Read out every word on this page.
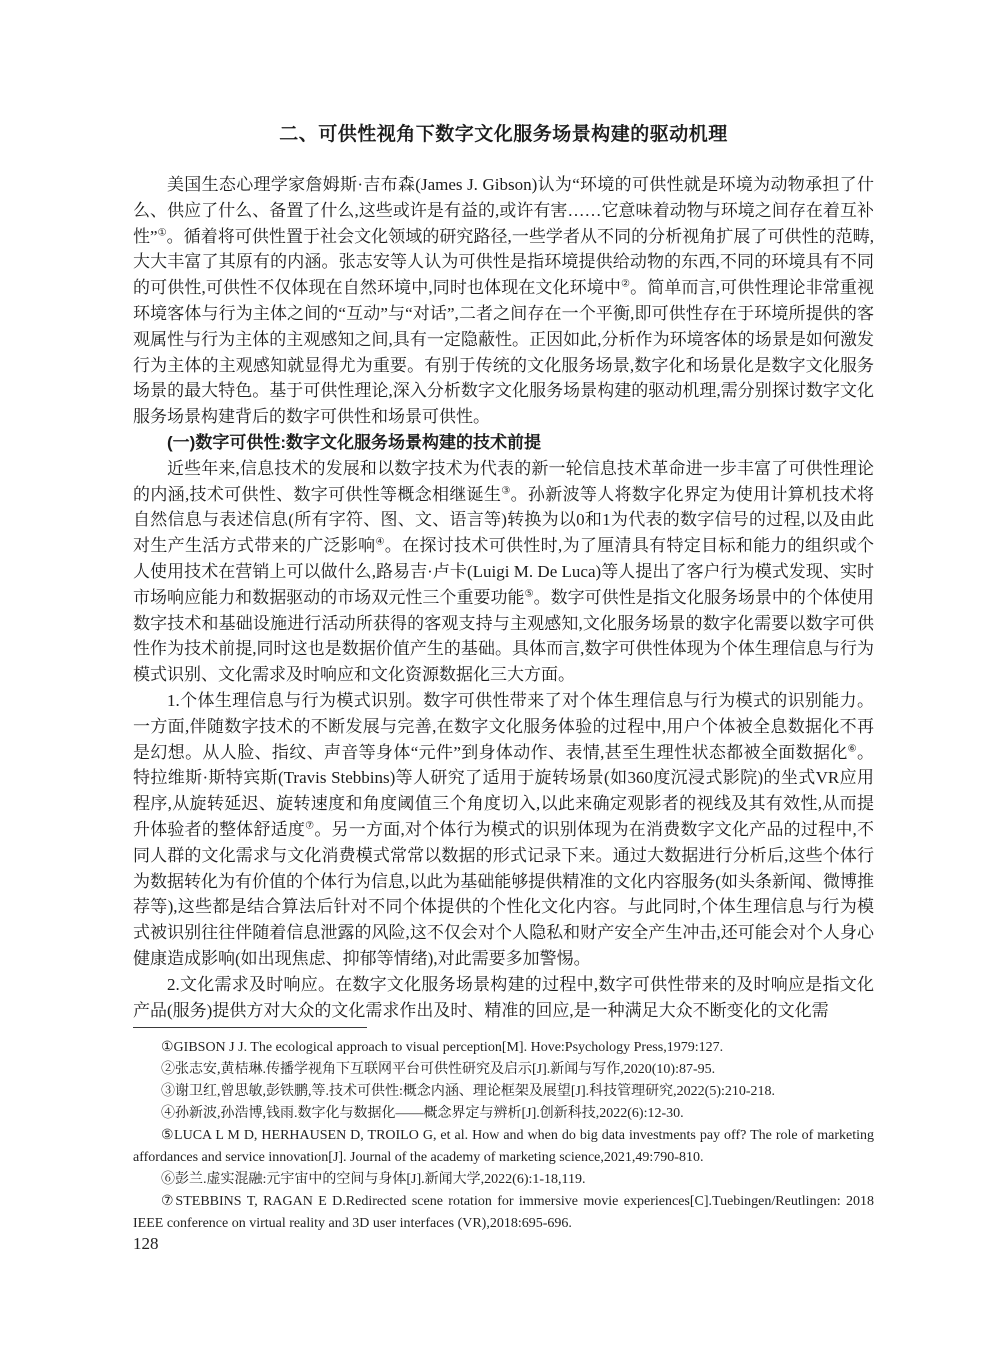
二、可供性视角下数字文化服务场景构建的驱动机理

美国生态心理学家詹姆斯·吉布森(James J. Gibson)认为“环境的可供性就是环境为动物承担了什么、供应了什么、备置了什么,这些或许是有益的,或许有害……它意味着动物与环境之间存在着互补性”①。循着将可供性置于社会文化领域的研究路径,一些学者从不同的分析视角扩展了可供性的范畴,大大丰富了其原有的内涵。张志安等人认为可供性是指环境提供给动物的东西,不同的环境具有不同的可供性,可供性不仅体现在自然环境中,同时也体现在文化环境中②。简单而言,可供性理论非常重视环境客体与行为主体之间的“互动”与“对话”,二者之间存在一个平衡,即可供性存在于环境所提供的客观属性与行为主体的主观感知之间,具有一定隐蔽性。正因如此,分析作为环境客体的场景是如何激发行为主体的主观感知就显得尤为重要。有别于传统的文化服务场景,数字化和场景化是数字文化服务场景的最大特色。基于可供性理论,深入分析数字文化服务场景构建的驱动机理,需分别探讨数字文化服务场景构建背后的数字可供性和场景可供性。

(一)数字可供性:数字文化服务场景构建的技术前提

近些年来,信息技术的发展和以数字技术为代表的新一轮信息技术革命进一步丰富了可供性理论的内涵,技术可供性、数字可供性等概念相继诞生③。孙新波等人将数字化界定为使用计算机技术将自然信息与表述信息(所有字符、图、文、语言等)转换为以0和1为代表的数字信号的过程,以及由此对生产生活方式带来的广泛影响④。在探讨技术可供性时,为了厘清具有特定目标和能力的组织或个人使用技术在营销上可以做什么,路易吉·卢卡(Luigi M. De Luca)等人提出了客户行为模式发现、实时市场响应能力和数据驱动的市场双元性三个重要功能⑤。数字可供性是指文化服务场景中的个体使用数字技术和基础设施进行活动所获得的客观支持与主观感知,文化服务场景的数字化需要以数字可供性作为技术前提,同时这也是数据价值产生的基础。具体而言,数字可供性体现为个体生理信息与行为模式识别、文化需求及时响应和文化资源数据化三大方面。

1.个体生理信息与行为模式识别。数字可供性带来了对个体生理信息与行为模式的识别能力。一方面,伴随数字技术的不断发展与完善,在数字文化服务体验的过程中,用户个体被全息数据化不再是幻想。从人脸、指纹、声音等身体“元件”到身体动作、表情,甚至生理性状态都被全面数据化⑥。特拉维斯·斯特宾斯(Travis Stebbins)等人研究了适用于旋转场景(如360度沉浸式影院)的坐式VR应用程序,从旋转延迟、旋转速度和角度阈值三个角度切入,以此来确定观影者的视线及其有效性,从而提升体验者的整体舒适度⑦。另一方面,对个体行为模式的识别体现为在消费数字文化产品的过程中,不同人群的文化需求与文化消费模式常常以数据的形式记录下来。通过大数据进行分析后,这些个体行为数据转化为有价值的个体行为信息,以此为基础能够提供精准的文化内容服务(如头条新闻、微博推荐等),这些都是结合算法后针对不同个体提供的个性化文化内容。与此同时,个体生理信息与行为模式被识别往往伴随着信息泄露的风险,这不仅会对个人隐私和财产安全产生冲击,还可能会对个人身心健康造成影响(如出现焦虑、抑郁等情绪),对此需要多加警惕。

2.文化需求及时响应。在数字文化服务场景构建的过程中,数字可供性带来的及时响应是指文化产品(服务)提供方对大众的文化需求作出及时、精准的回应,是一种满足大众不断变化的文化需

①GIBSON J J. The ecological approach to visual perception[M]. Hove:Psychology Press,1979:127.

②张志安,黄桔琳.传播学视角下互联网平台可供性研究及启示[J].新闻与写作,2020(10):87-95.

③谢卫红,曾思敏,彭铁鹏,等.技术可供性:概念内涵、理论框架及展望[J].科技管理研究,2022(5):210-218.

④孙新波,孙浩博,钱雨.数字化与数据化——概念界定与辨析[J].创新科技,2022(6):12-30.

⑤LUCA L M D, HERHAUSEN D, TROILO G, et al. How and when do big data investments pay off? The role of marketing affordances and service innovation[J]. Journal of the academy of marketing science,2021,49:790-810.

⑥彭兰.虚实混融:元宇宙中的空间与身体[J].新闻大学,2022(6):1-18,119.

⑦STEBBINS T, RAGAN E D.Redirected scene rotation for immersive movie experiences[C].Tuebingen/Reutlingen: 2018 IEEE conference on virtual reality and 3D user interfaces (VR),2018:695-696.

128
